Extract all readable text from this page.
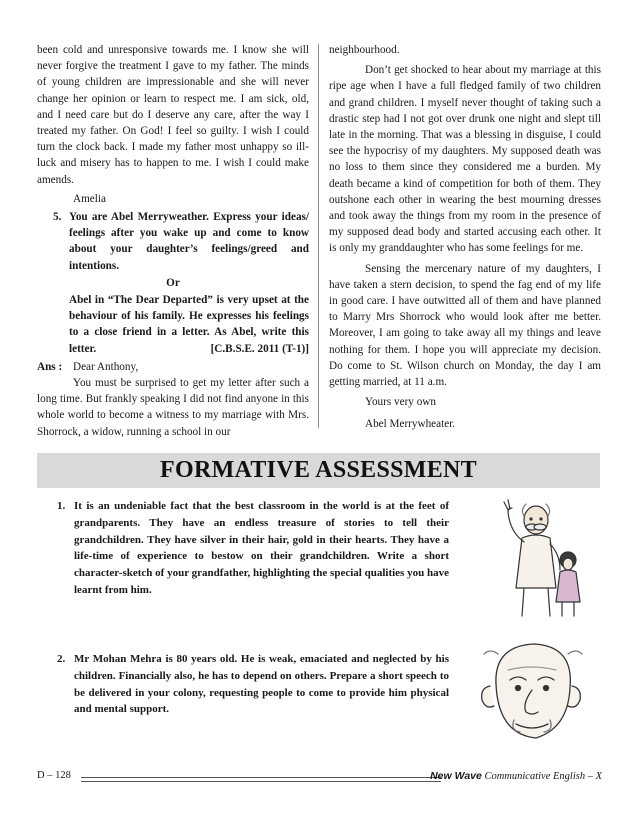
been cold and unresponsive towards me. I know she will never forgive the treatment I gave to my father. The minds of young children are impressionable and she will never change her opinion or learn to respect me. I am sick, old, and I need care but do I deserve any care, after the way I treated my father. On God! I feel so guilty. I wish I could turn the clock back. I made my father most unhappy so ill-luck and misery has to happen to me. I wish I could make amends.

Amelia

5. You are Abel Merryweather. Express your ideas/ feelings after you wake up and come to know about your daughter’s feelings/greed and intentions.

Or

Abel in “The Dear Departed” is very upset at the behaviour of his family. He expresses his feelings to a close friend in a letter. As Abel, write this letter.	[C.B.S.E. 2011 (T-1)]
Ans : Dear Anthony,

You must be surprised to get my letter after such a long time. But frankly speaking I did not find anyone in this whole world to become a witness to my marriage with Mrs. Shorrock, a widow, running a school in our

neighbourhood.

Don’t get shocked to hear about my marriage at this ripe age when I have a full fledged family of two children and grand children. I myself never thought of taking such a drastic step had I not got over drunk one night and slept till late in the morning. That was a blessing in disguise, I could see the hypocrisy of my daughters. My supposed death was no loss to them since they considered me a burden. My death became a kind of competition for both of them. They outshone each other in wearing the best mourning dresses and took away the things from my room in the presence of my supposed dead body and started accusing each other. It is only my granddaughter who has some feelings for me.

Sensing the mercenary nature of my daughters, I have taken a stern decision, to spend the fag end of my life in good care. I have outwitted all of them and have planned to Marry Mrs Shorrock who would look after me better. Moreover, I am going to take away all my things and leave nothing for them. I hope you will appreciate my decision. Do come to St. Wilson church on Monday, the day I am getting married, at 11 a.m.

Yours very own

Abel Merrywheater.

FORMATIVE ASSESSMENT
1. It is an undeniable fact that the best classroom in the world is at the feet of grandparents. They have an endless treasure of stories to tell their grandchildren. They have silver in their hair, gold in their hearts. They have a life-time of experience to bestow on their grandchildren. Write a short character-sketch of your grandfather, highlighting the special qualities you have learnt from him.
2. Mr Mohan Mehra is 80 years old. He is weak, emaciated and neglected by his children. Financially also, he has to depend on others. Prepare a short speech to be delivered in your colony, requesting people to come to provide him physical and mental support.
D – 128	New Wave Communicative English – X
